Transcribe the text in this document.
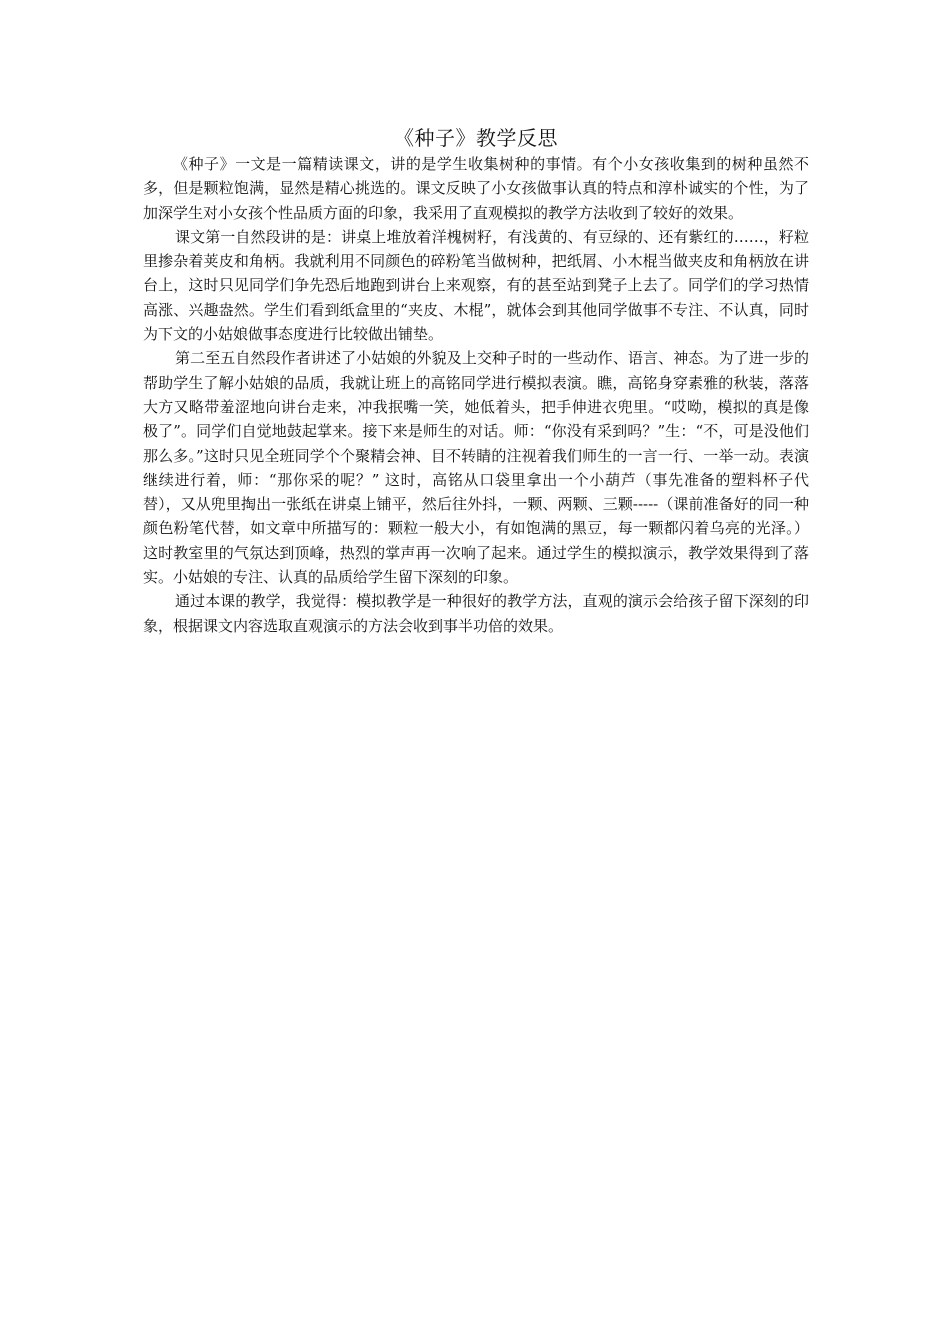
《种子》教学反思

《种子》一文是一篇精读课文，讲的是学生收集树种的事情。有个小女孩收集到的树种虽然不多，但是颗粒饱满，显然是精心挑选的。课文反映了小女孩做事认真的特点和淳朴诚实的个性，为了加深学生对小女孩个性品质方面的印象，我采用了直观模拟的教学方法收到了较好的效果。

课文第一自然段讲的是：讲桌上堆放着洋槐树籽，有浅黄的、有豆绿的、还有紫红的……，籽粒里掺杂着荚皮和角柄。我就利用不同颜色的碎粉笔当做树种，把纸屑、小木棍当做夹皮和角柄放在讲台上，这时只见同学们争先恐后地跑到讲台上来观察，有的甚至站到凳子上去了。同学们的学习热情高涨、兴趣盎然。学生们看到纸盒里的“夹皮、木棍”，就体会到其他同学做事不专注、不认真，同时为下文的小姑娘做事态度进行比较做出铺垫。

第二至五自然段作者讲述了小姑娘的外貌及上交种子时的一些动作、语言、神态。为了进一步的帮助学生了解小姑娘的品质，我就让班上的高铭同学进行模拟表演。瞧，高铭身穿素雅的秋装，落落大方又略带羞涩地向讲台走来，冲我抿嘴一笑，她低着头，把手伸进衣兜里。“哎呦，模拟的真是像极了”。同学们自觉地鼓起掌来。接下来是师生的对话。师：“你没有采到吗？”生：“不，可是没他们那么多。”这时只见全班同学个个聚精会神、目不转睛的注视着我们师生的一言一行、一举一动。表演继续进行着，师：“那你采的呢？” 这时，高铭从口袋里拿出一个小葫芦（事先准备的塑料杯子代替），又从兜里掏出一张纸在讲桌上铺平，然后往外抖，一颗、两颗、三颗-----（课前准备好的同一种颜色粉笔代替，如文章中所描写的：颗粒一般大小，有如饱满的黑豆，每一颗都闪着乌亮的光泽。）这时教室里的气氛达到顶峰，热烈的掌声再一次响了起来。通过学生的模拟演示，教学效果得到了落实。小姑娘的专注、认真的品质给学生留下深刻的印象。

通过本课的教学，我觉得：模拟教学是一种很好的教学方法，直观的演示会给孩子留下深刻的印象，根据课文内容选取直观演示的方法会收到事半功倍的效果。
